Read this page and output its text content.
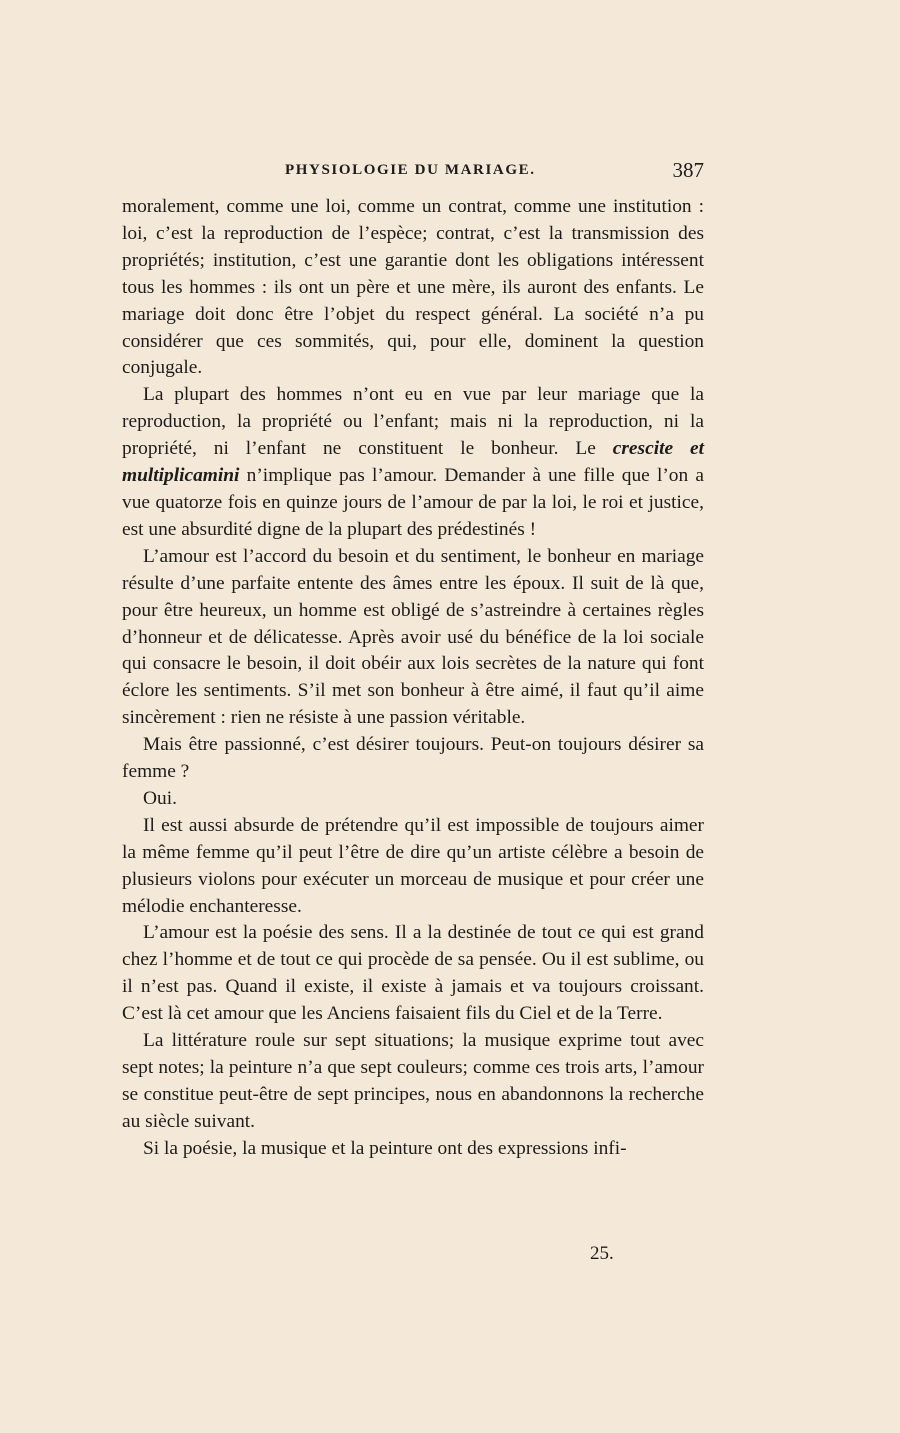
PHYSIOLOGIE DU MARIAGE.	387

moralement, comme une loi, comme un contrat, comme une institution : loi, c’est la reproduction de l’espèce; contrat, c’est la transmission des propriétés; institution, c’est une garantie dont les obligations intéressent tous les hommes : ils ont un père et une mère, ils auront des enfants. Le mariage doit donc être l’objet du respect général. La société n’a pu considérer que ces sommités, qui, pour elle, dominent la question conjugale.

La plupart des hommes n’ont eu en vue par leur mariage que la reproduction, la propriété ou l’enfant; mais ni la reproduction, ni la propriété, ni l’enfant ne constituent le bonheur. Le crescite et multiplicamini n’implique pas l’amour. Demander à une fille que l’on a vue quatorze fois en quinze jours de l’amour de par la loi, le roi et justice, est une absurdité digne de la plupart des prédestinés !

L’amour est l’accord du besoin et du sentiment, le bonheur en mariage résulte d’une parfaite entente des âmes entre les époux. Il suit de là que, pour être heureux, un homme est obligé de s’astreindre à certaines règles d’honneur et de délicatesse. Après avoir usé du bénéfice de la loi sociale qui consacre le besoin, il doit obéir aux lois secrètes de la nature qui font éclore les sentiments. S’il met son bonheur à être aimé, il faut qu’il aime sincèrement : rien ne résiste à une passion véritable.

Mais être passionné, c’est désirer toujours. Peut-on toujours désirer sa femme ?

Oui.

Il est aussi absurde de prétendre qu’il est impossible de toujours aimer la même femme qu’il peut l’être de dire qu’un artiste célèbre a besoin de plusieurs violons pour exécuter un morceau de musique et pour créer une mélodie enchanteresse.

L’amour est la poésie des sens. Il a la destinée de tout ce qui est grand chez l’homme et de tout ce qui procède de sa pensée. Ou il est sublime, ou il n’est pas. Quand il existe, il existe à jamais et va toujours croissant. C’est là cet amour que les Anciens faisaient fils du Ciel et de la Terre.

La littérature roule sur sept situations; la musique exprime tout avec sept notes; la peinture n’a que sept couleurs; comme ces trois arts, l’amour se constitue peut-être de sept principes, nous en abandonnons la recherche au siècle suivant.

Si la poésie, la musique et la peinture ont des expressions infi-

25.
